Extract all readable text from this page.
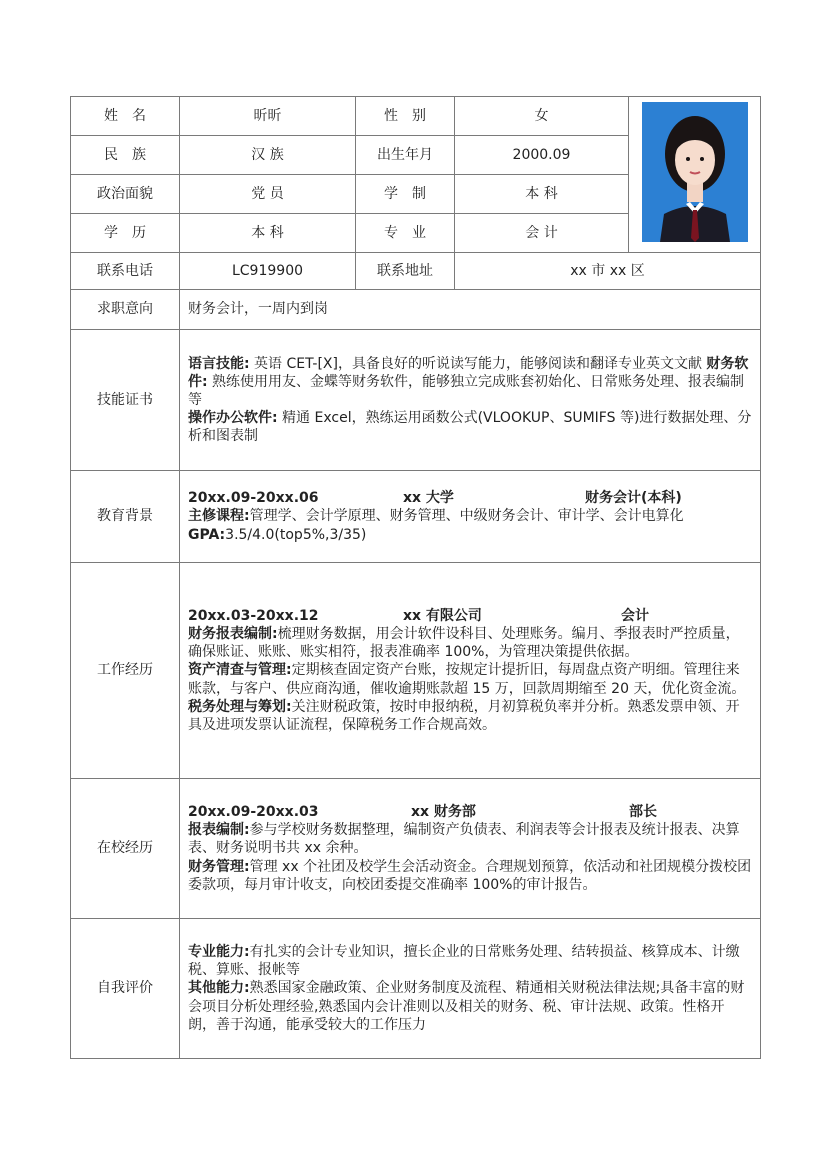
姓　名	昕昕	性　别	女	
民　族	汉 族	出生年月	2000.09	
政治面貌	党 员	学　制	本 科	
学　历	本 科	专　业	会 计	
联系电话	LC919900	联系地址	xx 市 xx 区	
求职意向	财务会计，一周内到岗			
技能证书	语言技能: 英语 CET-[X]，具备良好的听说读写能力，能够阅读和翻译专业英文文献 财务软件: 熟练使用用友、金蝶等财务软件，能够独立完成账套初始化、日常账务处理、报表编制等

操作办公软件: 精通 Excel，熟练运用函数公式(VLOOKUP、SUMIFS 等)进行数据处理、分析和图表制			

教育背景	20xx.09-20xx.06 xx 大学 财务会计(本科)

主修课程:管理学、会计学原理、财务管理、中级财务会计、审计学、会计电算化

GPA:3.5/4.0(top5%,3/35)			

工作经历	20xx.03-20xx.12 xx 有限公司 会计

财务报表编制:梳理财务数据，用会计软件设科目、处理账务。编月、季报表时严控质量，确保账证、账账、账实相符，报表准确率 100%，为管理决策提供依据。

资产清查与管理:定期核查固定资产台账，按规定计提折旧，每周盘点资产明细。管理往来账款，与客户、供应商沟通，催收逾期账款超 15 万，回款周期缩至 20 天，优化资金流。

税务处理与筹划:关注财税政策，按时申报纳税，月初算税负率并分析。熟悉发票申领、开具及进项发票认证流程，保障税务工作合规高效。			

在校经历	20xx.09-20xx.03 xx 财务部 部长

报表编制:参与学校财务数据整理，编制资产负债表、利润表等会计报表及统计报表、决算表、财务说明书共 xx 余种。

财务管理:管理 xx 个社团及校学生会活动资金。合理规划预算，依活动和社团规模分拨校团委款项，每月审计收支，向校团委提交准确率 100%的审计报告。			

自我评价	专业能力:有扎实的会计专业知识，擅长企业的日常账务处理、结转损益、核算成本、计缴税、算账、报帐等

其他能力:熟悉国家金融政策、企业财务制度及流程、精通相关财税法律法规;具备丰富的财会项目分析处理经验,熟悉国内会计准则以及相关的财务、税、审计法规、政策。性格开朗，善于沟通，能承受较大的工作压力			
